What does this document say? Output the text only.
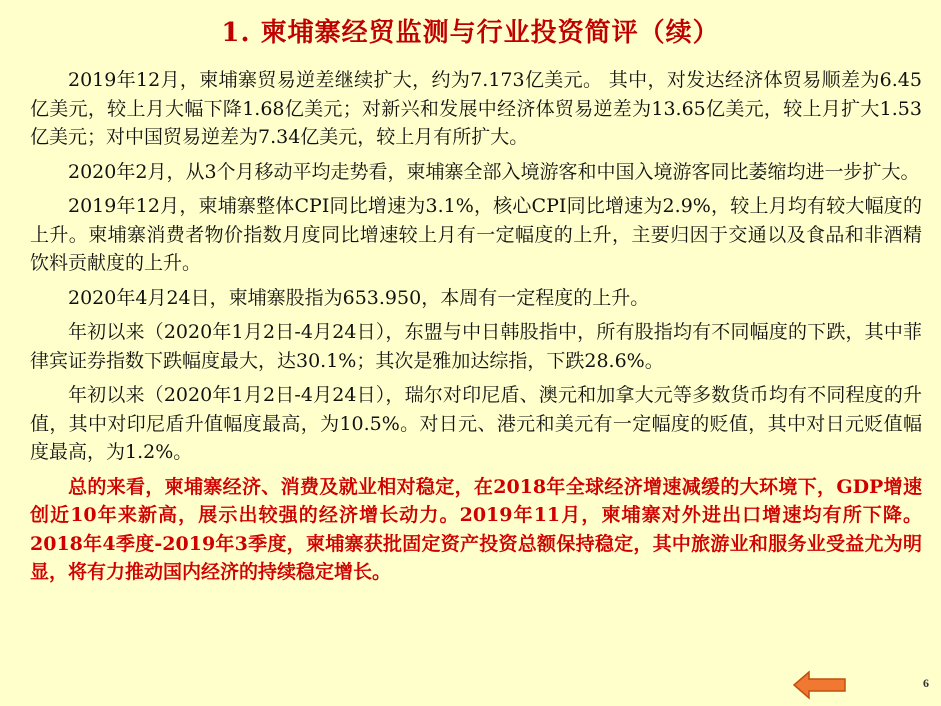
1. 柬埔寨经贸监测与行业投资简评（续）

2019年12月，柬埔寨贸易逆差继续扩大，约为7.173亿美元。 其中，对发达经济体贸易顺差为6.45亿美元，较上月大幅下降1.68亿美元；对新兴和发展中经济体贸易逆差为13.65亿美元，较上月扩大1.53亿美元；对中国贸易逆差为7.34亿美元，较上月有所扩大。

2020年2月，从3个月移动平均走势看，柬埔寨全部入境游客和中国入境游客同比萎缩均进一步扩大。

2019年12月，柬埔寨整体CPI同比增速为3.1%，核心CPI同比增速为2.9%，较上月均有较大幅度的上升。柬埔寨消费者物价指数月度同比增速较上月有一定幅度的上升，主要归因于交通以及食品和非酒精饮料贡献度的上升。

2020年4月24日，柬埔寨股指为653.950，本周有一定程度的上升。

年初以来（2020年1月2日-4月24日），东盟与中日韩股指中，所有股指均有不同幅度的下跌，其中菲律宾证券指数下跌幅度最大，达30.1%；其次是雅加达综指，下跌28.6%。

年初以来（2020年1月2日-4月24日），瑞尔对印尼盾、澳元和加拿大元等多数货币均有不同程度的升值，其中对印尼盾升值幅度最高，为10.5%。对日元、港元和美元有一定幅度的贬值，其中对日元贬值幅度最高，为1.2%。

总的来看，柬埔寨经济、消费及就业相对稳定，在2018年全球经济增速减缓的大环境下，GDP增速创近10年来新高，展示出较强的经济增长动力。2019年11月，柬埔寨对外进出口增速均有所下降。2018年4季度-2019年3季度，柬埔寨获批固定资产投资总额保持稳定，其中旅游业和服务业受益尤为明显，将有力推动国内经济的持续稳定增长。

6
